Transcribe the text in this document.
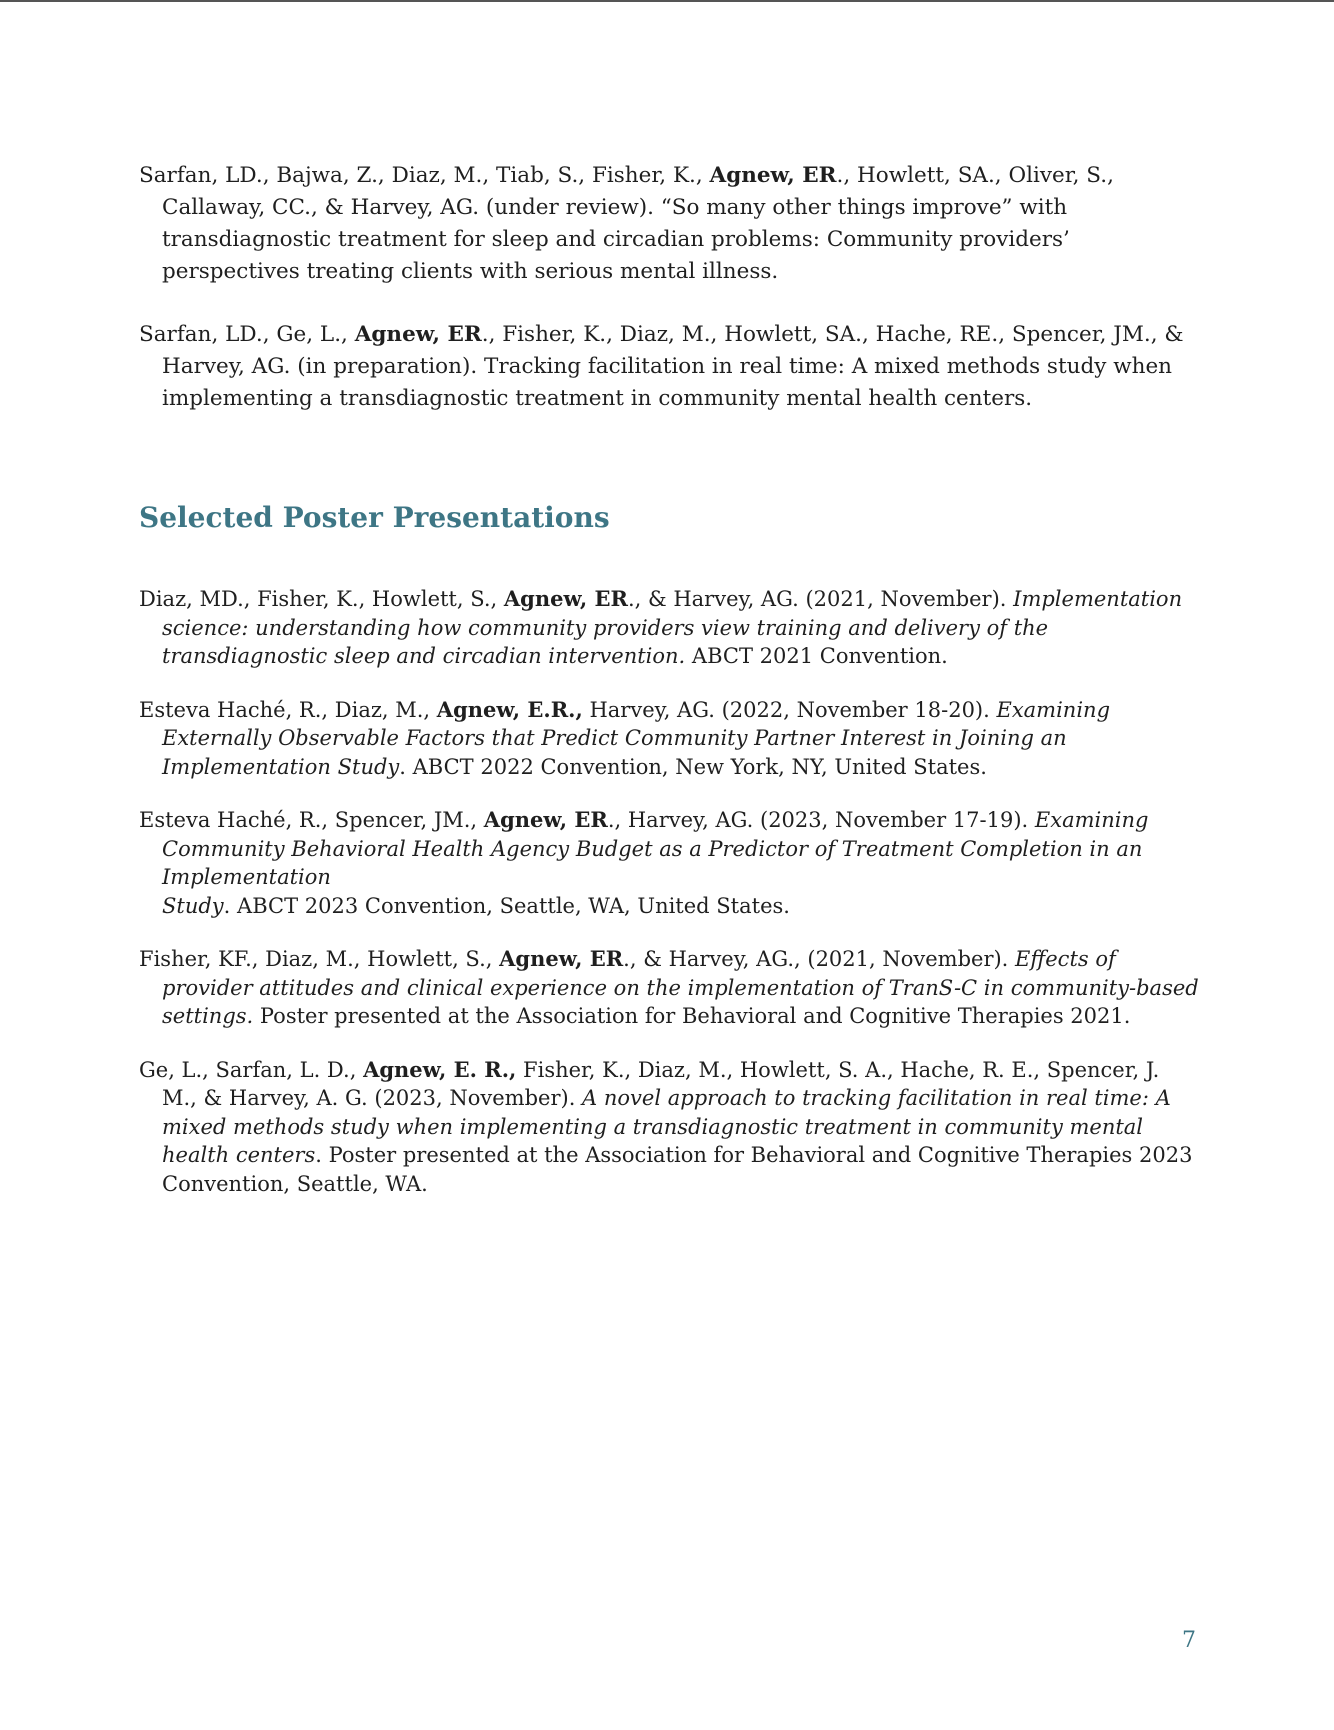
Sarfan, LD., Bajwa, Z., Diaz, M., Tiab, S., Fisher, K., Agnew, ER., Howlett, SA., Oliver, S., Callaway, CC., & Harvey, AG. (under review). “So many other things improve” with transdiagnostic treatment for sleep and circadian problems: Community providers’ perspectives treating clients with serious mental illness.

Sarfan, LD., Ge, L., Agnew, ER., Fisher, K., Diaz, M., Howlett, SA., Hache, RE., Spencer, JM., & Harvey, AG. (in preparation). Tracking facilitation in real time: A mixed methods study when implementing a transdiagnostic treatment in community mental health centers.

Selected Poster Presentations

Diaz, MD., Fisher, K., Howlett, S., Agnew, ER., & Harvey, AG. (2021, November). Implementation science: understanding how community providers view training and delivery of the transdiagnostic sleep and circadian intervention. ABCT 2021 Convention.

Esteva Haché, R., Diaz, M., Agnew, E.R., Harvey, AG. (2022, November 18-20). Examining Externally Observable Factors that Predict Community Partner Interest in Joining an Implementation Study. ABCT 2022 Convention, New York, NY, United States.

Esteva Haché, R., Spencer, JM., Agnew, ER., Harvey, AG. (2023, November 17-19). Examining Community Behavioral Health Agency Budget as a Predictor of Treatment Completion in an Implementation
Study. ABCT 2023 Convention, Seattle, WA, United States.

Fisher, KF., Diaz, M., Howlett, S., Agnew, ER., & Harvey, AG., (2021, November). Effects of provider attitudes and clinical experience on the implementation of TranS-C in community-based settings. Poster presented at the Association for Behavioral and Cognitive Therapies 2021.

Ge, L., Sarfan, L. D., Agnew, E. R., Fisher, K., Diaz, M., Howlett, S. A., Hache, R. E., Spencer, J. M., & Harvey, A. G. (2023, November). A novel approach to tracking facilitation in real time: A mixed methods study when implementing a transdiagnostic treatment in community mental health centers. Poster presented at the Association for Behavioral and Cognitive Therapies 2023 Convention, Seattle, WA.

7
